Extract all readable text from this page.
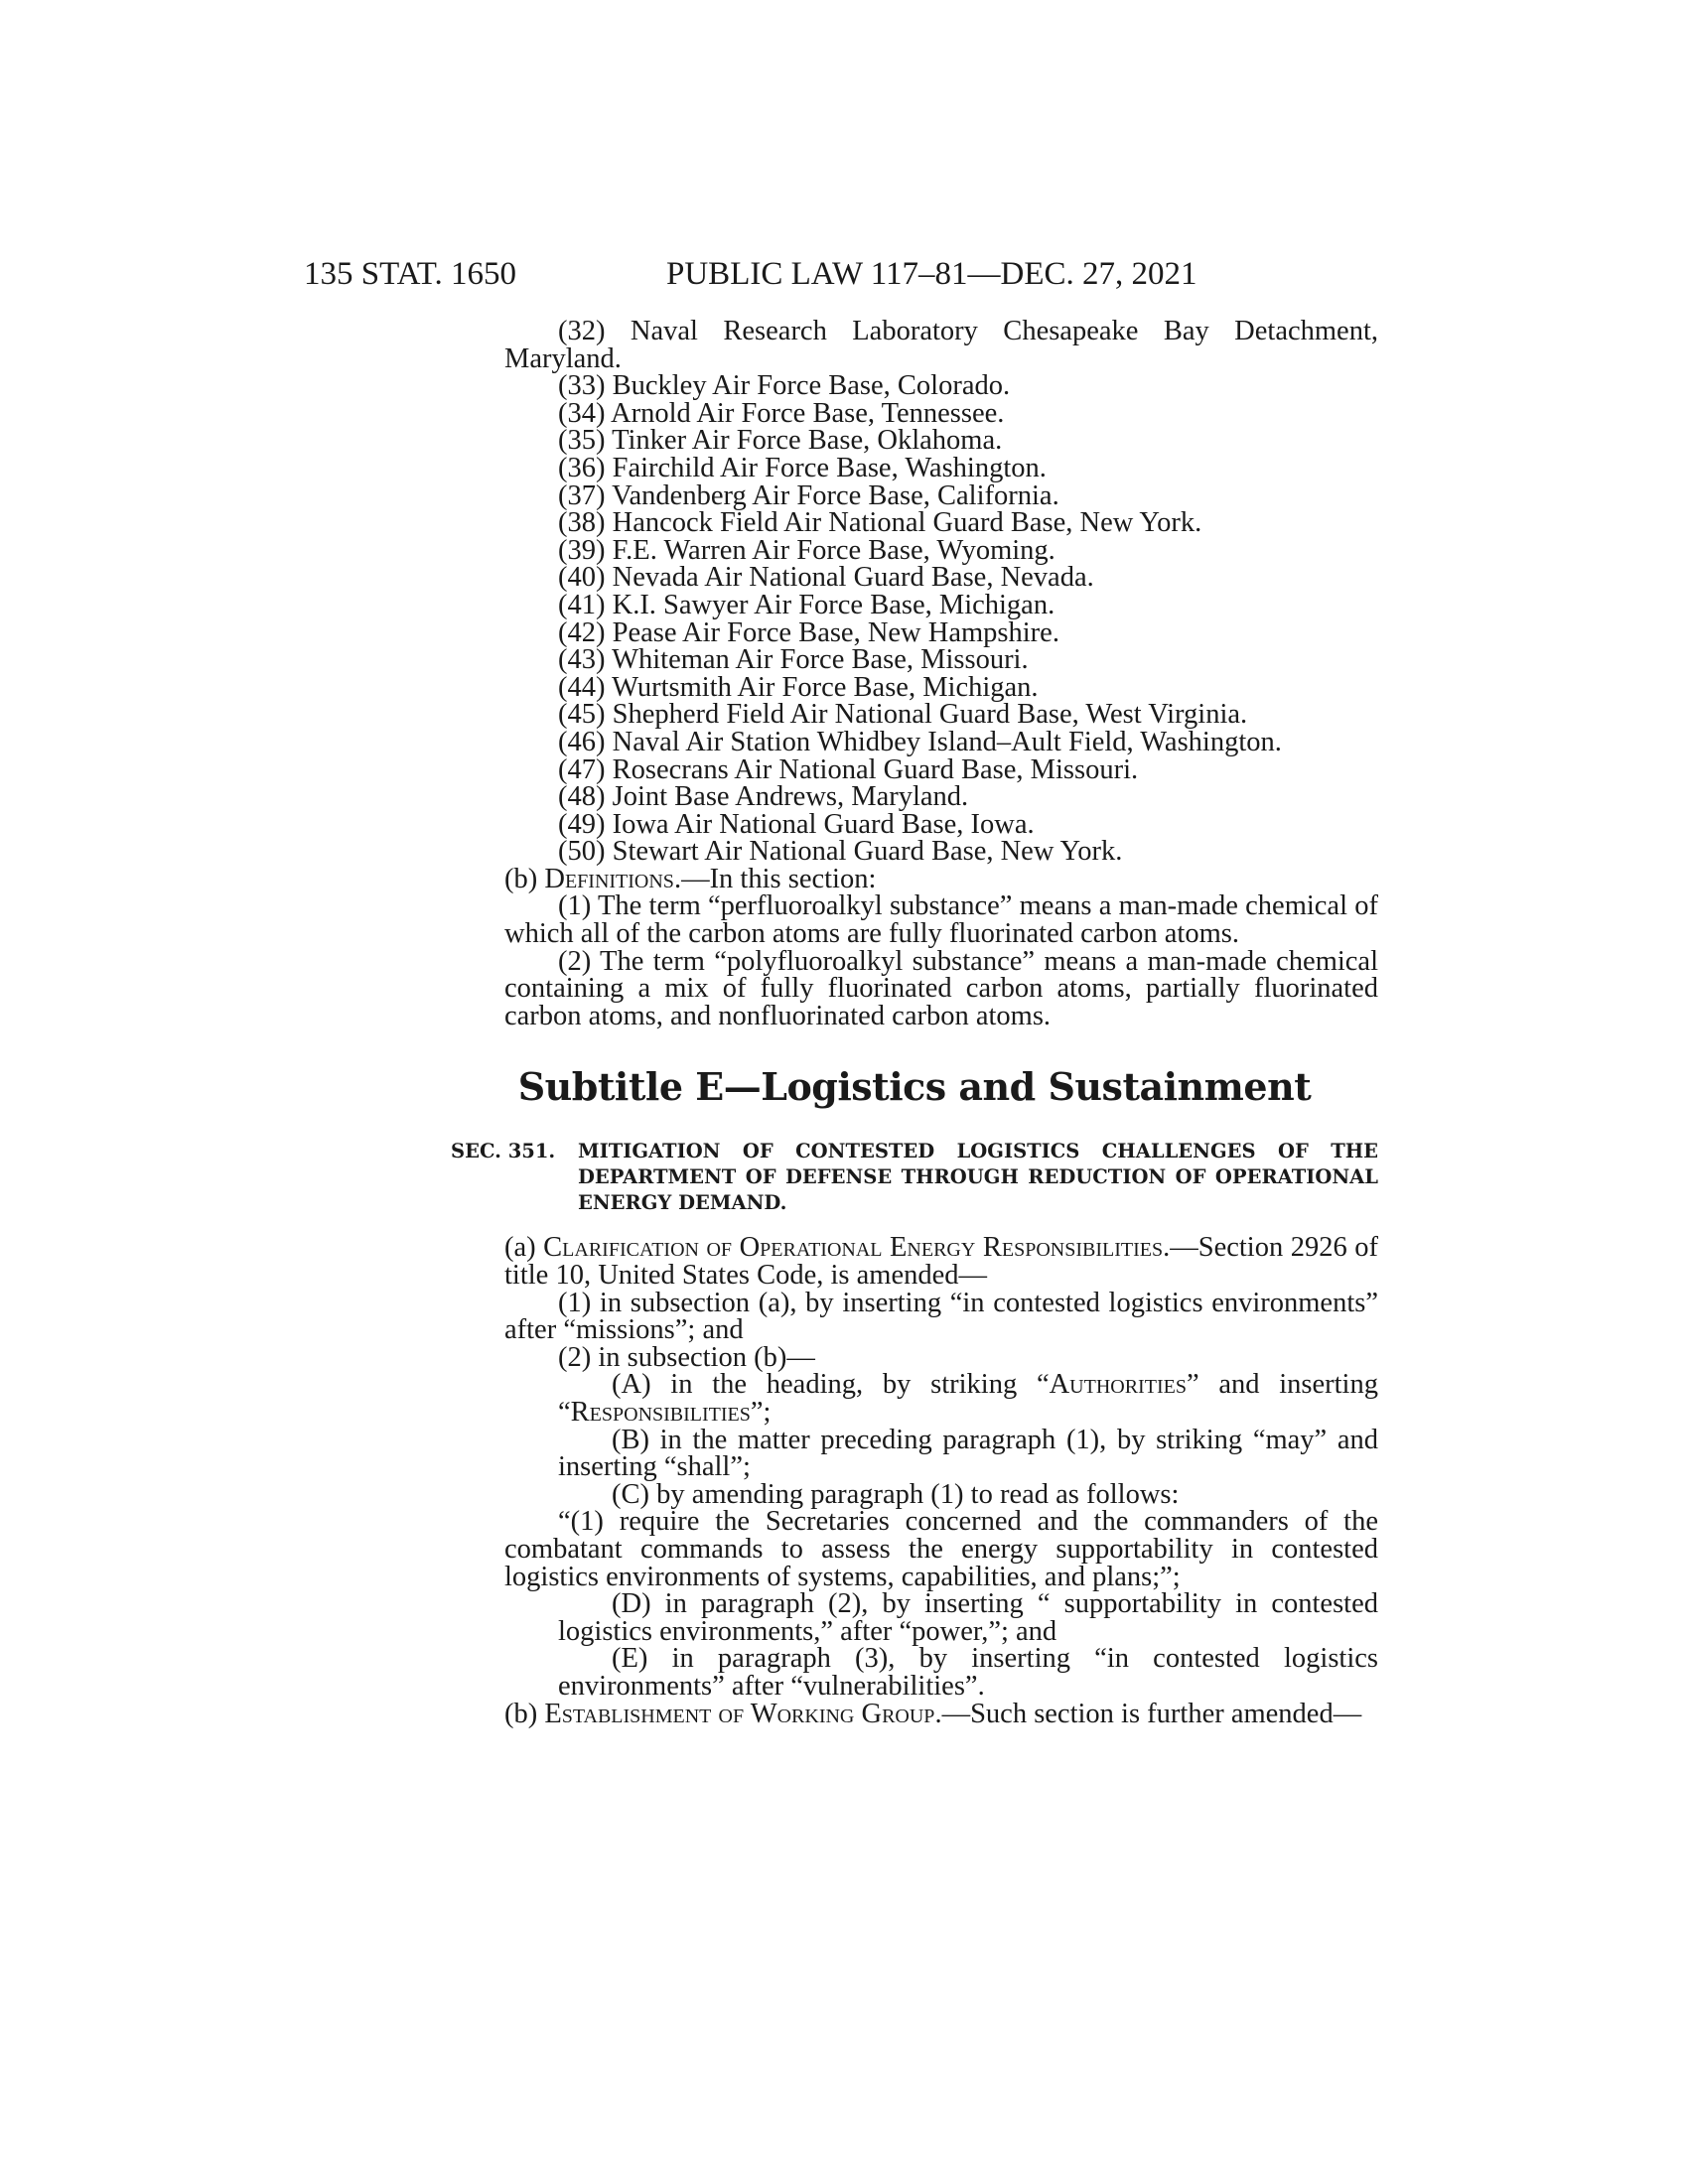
135 STAT. 1650	PUBLIC LAW 117–81—DEC. 27, 2021

(32) Naval Research Laboratory Chesapeake Bay Detachment, Maryland.

(33) Buckley Air Force Base, Colorado.

(34) Arnold Air Force Base, Tennessee.

(35) Tinker Air Force Base, Oklahoma.

(36) Fairchild Air Force Base, Washington.

(37) Vandenberg Air Force Base, California.

(38) Hancock Field Air National Guard Base, New York.

(39) F.E. Warren Air Force Base, Wyoming.

(40) Nevada Air National Guard Base, Nevada.

(41) K.I. Sawyer Air Force Base, Michigan.

(42) Pease Air Force Base, New Hampshire.

(43) Whiteman Air Force Base, Missouri.

(44) Wurtsmith Air Force Base, Michigan.

(45) Shepherd Field Air National Guard Base, West Virginia.

(46) Naval Air Station Whidbey Island–Ault Field, Washington.

(47) Rosecrans Air National Guard Base, Missouri.

(48) Joint Base Andrews, Maryland.

(49) Iowa Air National Guard Base, Iowa.

(50) Stewart Air National Guard Base, New York.

(b) Definitions.—In this section:

(1) The term “perfluoroalkyl substance” means a man-made chemical of which all of the carbon atoms are fully fluorinated carbon atoms.

(2) The term “polyfluoroalkyl substance” means a man-made chemical containing a mix of fully fluorinated carbon atoms, partially fluorinated carbon atoms, and nonfluorinated carbon atoms.

Subtitle E—Logistics and Sustainment
SEC. 351.	MITIGATION OF CONTESTED LOGISTICS CHALLENGES OF THE DEPARTMENT OF DEFENSE THROUGH REDUCTION OF OPERATIONAL ENERGY DEMAND.

(a) Clarification of Operational Energy Responsibilities.—Section 2926 of title 10, United States Code, is amended—

(1) in subsection (a), by inserting “in contested logistics environments” after “missions”; and

(2) in subsection (b)—

(A) in the heading, by striking “Authorities” and inserting “Responsibilities”;

(B) in the matter preceding paragraph (1), by striking “may” and inserting “shall”;

(C) by amending paragraph (1) to read as follows:

“(1) require the Secretaries concerned and the commanders of the combatant commands to assess the energy supportability in contested logistics environments of systems, capabilities, and plans;”;

(D) in paragraph (2), by inserting “ supportability in contested logistics environments,” after “power,”; and

(E) in paragraph (3), by inserting “in contested logistics environments” after “vulnerabilities”.

(b) Establishment of Working Group.—Such section is further amended—
